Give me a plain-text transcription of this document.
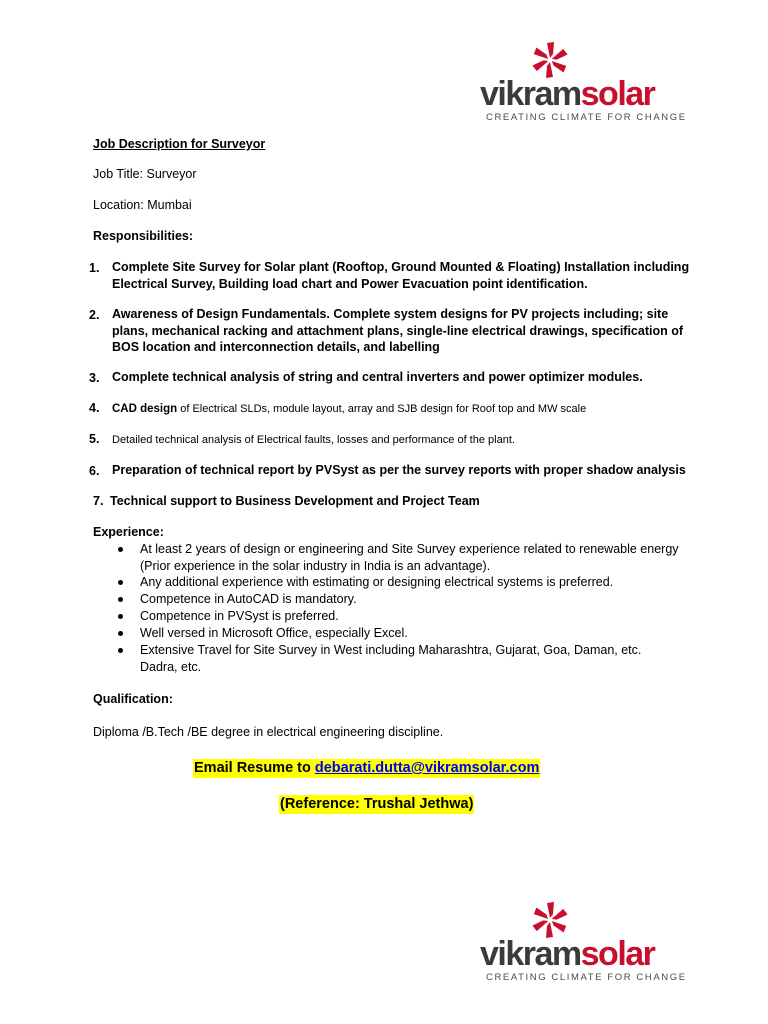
vikramsolar
CREATING CLIMATE FOR CHANGE
Job Description for Surveyor
Job Title: Surveyor
Location: Mumbai
Responsibilities:
1. Complete Site Survey for Solar plant (Rooftop, Ground Mounted & Floating) Installation including Electrical Survey, Building load chart and Power Evacuation point identification.
2. Awareness of Design Fundamentals. Complete system designs for PV projects including; site plans, mechanical racking and attachment plans, single-line electrical drawings, specification of BOS location and interconnection details, and labelling
3. Complete technical analysis of string and central inverters and power optimizer modules.
4. CAD design of Electrical SLDs, module layout, array and SJB design for Roof top and MW scale
5. Detailed technical analysis of Electrical faults, losses and performance of the plant.
6. Preparation of technical report by PVSyst as per the survey reports with proper shadow analysis
7. Technical support to Business Development and Project Team
Experience:
At least 2 years of design or engineering and Site Survey experience related to renewable energy (Prior experience in the solar industry in India is an advantage).
Any additional experience with estimating or designing electrical systems is preferred.
Competence in AutoCAD is mandatory.
Competence in PVSyst is preferred.
Well versed in Microsoft Office, especially Excel.
Extensive Travel for Site Survey in West including Maharashtra, Gujarat, Goa, Daman, etc. Dadra, etc.
Qualification:
Diploma /B.Tech /BE degree in electrical engineering discipline.
Email Resume to debarati.dutta@vikramsolar.com
(Reference: Trushal Jethwa)
vikramsolar
CREATING CLIMATE FOR CHANGE
